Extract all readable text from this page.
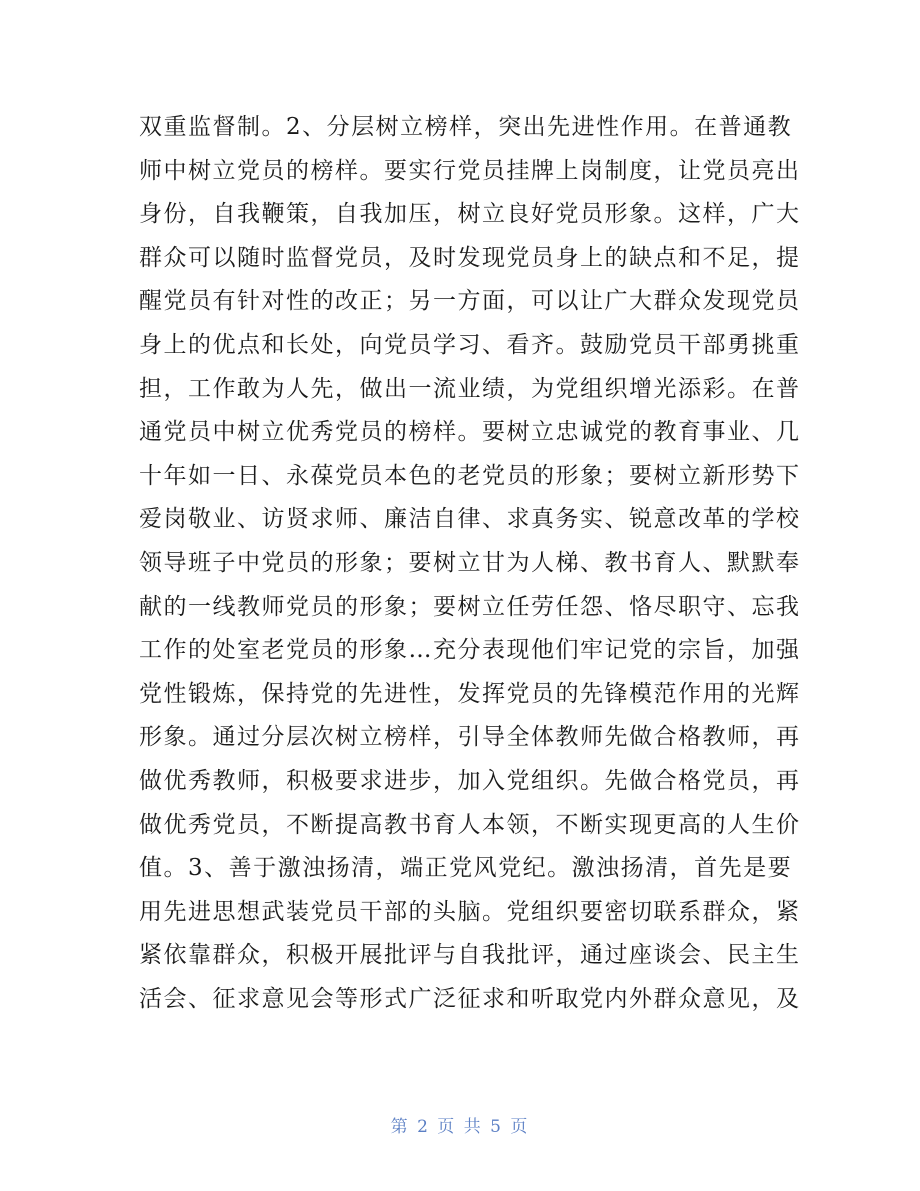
双重监督制。2、分层树立榜样，突出先进性作用。在普通教
师中树立党员的榜样。要实行党员挂牌上岗制度，让党员亮出
身份，自我鞭策，自我加压，树立良好党员形象。这样，广大
群众可以随时监督党员，及时发现党员身上的缺点和不足，提
醒党员有针对性的改正；另一方面，可以让广大群众发现党员
身上的优点和长处，向党员学习、看齐。鼓励党员干部勇挑重
担，工作敢为人先，做出一流业绩，为党组织增光添彩。在普
通党员中树立优秀党员的榜样。要树立忠诚党的教育事业、几
十年如一日、永葆党员本色的老党员的形象；要树立新形势下
爱岗敬业、访贤求师、廉洁自律、求真务实、锐意改革的学校
领导班子中党员的形象；要树立甘为人梯、教书育人、默默奉
献的一线教师党员的形象；要树立任劳任怨、恪尽职守、忘我
工作的处室老党员的形象…充分表现他们牢记党的宗旨，加强
党性锻炼，保持党的先进性，发挥党员的先锋模范作用的光辉
形象。通过分层次树立榜样，引导全体教师先做合格教师，再
做优秀教师，积极要求进步，加入党组织。先做合格党员，再
做优秀党员，不断提高教书育人本领，不断实现更高的人生价
值。3、善于激浊扬清，端正党风党纪。激浊扬清，首先是要
用先进思想武装党员干部的头脑。党组织要密切联系群众，紧
紧依靠群众，积极开展批评与自我批评，通过座谈会、民主生
活会、征求意见会等形式广泛征求和听取党内外群众意见，及
第 2 页 共 5 页
